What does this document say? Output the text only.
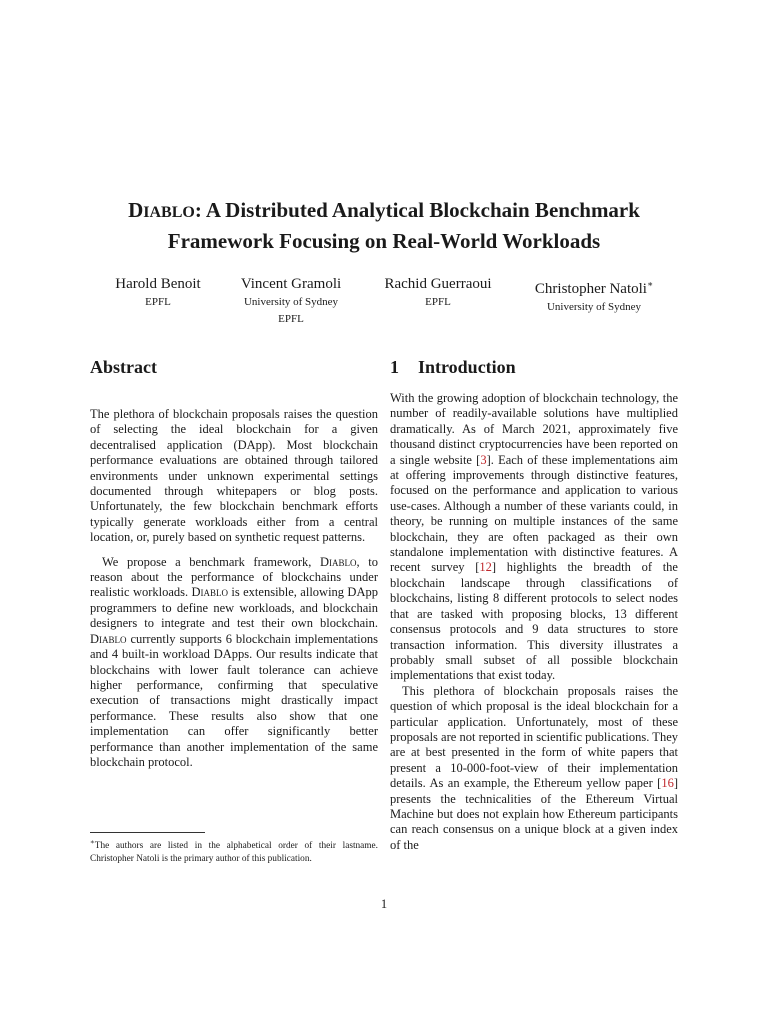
DIABLO: A Distributed Analytical Blockchain Benchmark
Framework Focusing on Real-World Workloads
Harold Benoit
EPFL
Vincent Gramoli
University of Sydney
EPFL
Rachid Guerraoui
EPFL
Christopher Natoli∗
University of Sydney
Abstract

The plethora of blockchain proposals raises the question of selecting the ideal blockchain for a given decentralised application (DApp). Most blockchain performance evaluations are obtained through tailored environments under unknown experimental settings documented through whitepapers or blog posts. Unfortunately, the few blockchain benchmark efforts typically generate workloads either from a central location, or, purely based on synthetic request patterns.

We propose a benchmark framework, Diablo, to reason about the performance of blockchains under realistic workloads. Diablo is extensible, allowing DApp programmers to define new workloads, and blockchain designers to integrate and test their own blockchain. Diablo currently supports 6 blockchain implementations and 4 built-in workload DApps. Our results indicate that blockchains with lower fault tolerance can achieve higher performance, confirming that speculative execution of transactions might drastically impact performance. These results also show that one implementation can offer significantly better performance than another implementation of the same blockchain protocol.

1 Introduction

With the growing adoption of blockchain technology, the number of readily-available solutions have multiplied dramatically. As of March 2021, approximately five thousand distinct cryptocurrencies have been reported on a single website [3]. Each of these implementations aim at offering improvements through distinctive features, focused on the performance and application to various use-cases. Although a number of these variants could, in theory, be running on multiple instances of the same blockchain, they are often packaged as their own standalone implementation with distinctive features. A recent survey [12] highlights the breadth of the blockchain landscape through classifications of blockchains, listing 8 different protocols to select nodes that are tasked with proposing blocks, 13 different consensus protocols and 9 data structures to store transaction information. This diversity illustrates a probably small subset of all possible blockchain implementations that exist today.

This plethora of blockchain proposals raises the question of which proposal is the ideal blockchain for a particular application. Unfortunately, most of these proposals are not reported in scientific publications. They are at best presented in the form of white papers that present a 10-000-foot-view of their implementation details. As an example, the Ethereum yellow paper [16] presents the technicalities of the Ethereum Virtual Machine but does not explain how Ethereum participants can reach consensus on a unique block at a given index of the

∗The authors are listed in the alphabetical order of their lastname. Christopher Natoli is the primary author of this publication.
1
